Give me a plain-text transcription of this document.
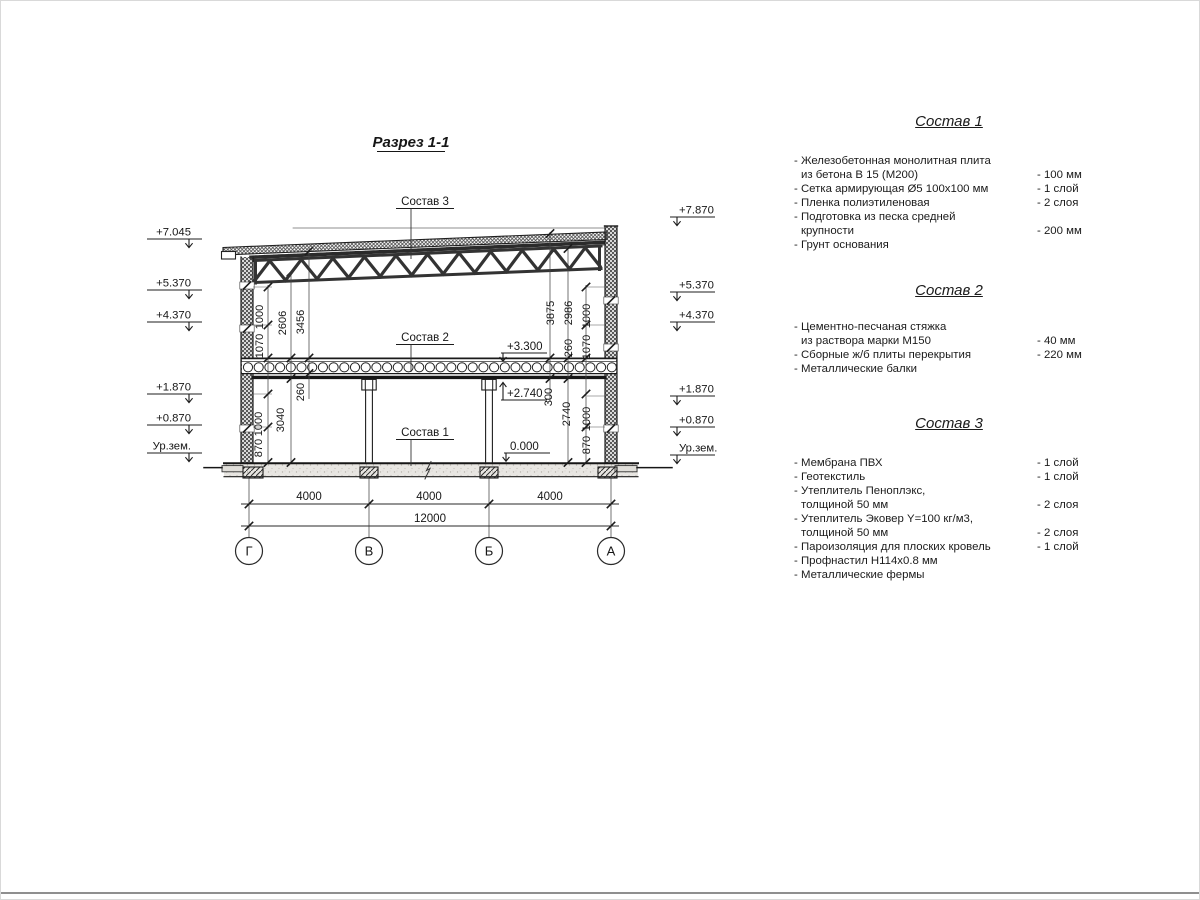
Разрез 1-1
1000
1070
2606 3456
260
3040
1000
870
3875 2986 1000
260 1070
300
2740 1000
870
4000	4000	4000
12000
Г	В	Б	А
+7.045
+5.370
+4.370
+1.870
+0.870
Ур.зем.
+7.870
+5.370
+4.370
+1.870
+0.870
Ур.зем.
+3.300
+2.740
0.000
Состав 3
Состав 2
Состав 1
Состав 1
- Железобетонная монолитная плита
из бетона В 15 (М200)	- 100 мм
- Сетка армирующая Ø5 100х100 мм	- 1 слой
- Пленка полиэтиленовая	- 2 слоя
- Подготовка из песка средней
крупности	- 200 мм
- Грунт основания
Состав 2
- Цементно-песчаная стяжка
из раствора марки М150	- 40 мм
- Сборные ж/б плиты перекрытия	- 220 мм
- Металлические балки
Состав 3
- Мембрана ПВХ	- 1 слой
- Геотекстиль	- 1 слой
- Утеплитель Пеноплэкс,
толщиной 50 мм	- 2 слоя
- Утеплитель Эковер Y=100 кг/м3,
толщиной 50 мм	- 2 слоя
- Пароизоляция для плоских кровель	- 1 слой
- Профнастил Н114х0.8 мм
- Металлические фермы
